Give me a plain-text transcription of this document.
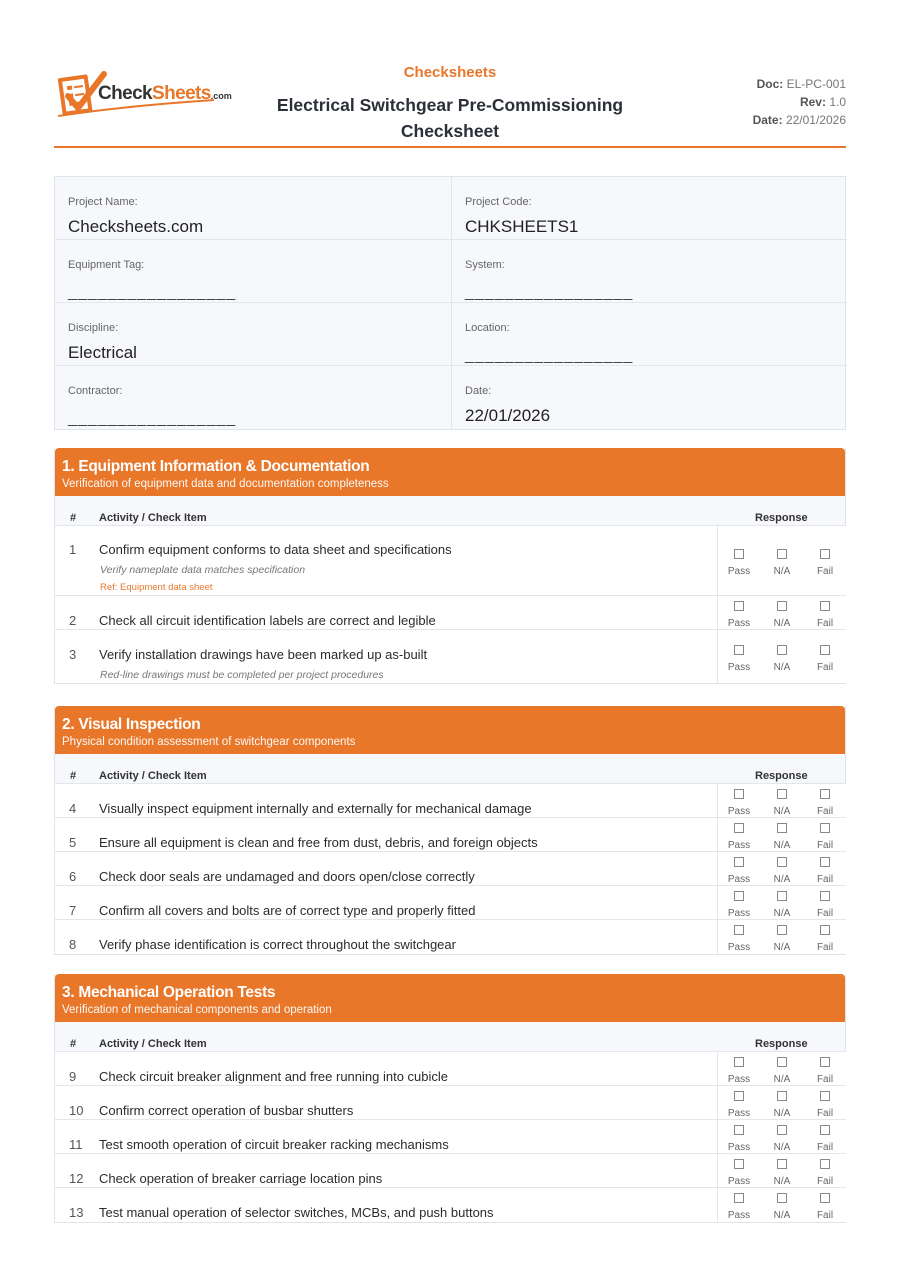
CheckSheets.com
Checksheets
Electrical Switchgear Pre-Commissioning Checksheet
Doc: EL-PC-001
Rev: 1.0
Date: 22/01/2026
Project Name:
Checksheets.com
Project Code:
CHKSHEETS1
Equipment Tag:
_________________
System:
_________________
Discipline:
Electrical
Location:
_________________
Contractor:
_________________
Date:
22/01/2026
1. Equipment Information & Documentation
Verification of equipment data and documentation completeness
# Activity / Check Item	Response
1 Confirm equipment conforms to data sheet and specifications
Verify nameplate data matches specification
Ref: Equipment data sheet
Pass	N/A	Fail
2 Check all circuit identification labels are correct and legible	Pass	N/A	Fail
3 Verify installation drawings have been marked up as-built
Red-line drawings must be completed per project procedures
Pass	N/A	Fail
2. Visual Inspection
Physical condition assessment of switchgear components
# Activity / Check Item	Response
4 Visually inspect equipment internally and externally for mechanical damage	Pass	N/A	Fail
5 Ensure all equipment is clean and free from dust, debris, and foreign objects	Pass	N/A	Fail
6 Check door seals are undamaged and doors open/close correctly	Pass	N/A	Fail
7 Confirm all covers and bolts are of correct type and properly fitted	Pass	N/A	Fail
8 Verify phase identification is correct throughout the switchgear	Pass	N/A	Fail
3. Mechanical Operation Tests
Verification of mechanical components and operation
# Activity / Check Item	Response
9 Check circuit breaker alignment and free running into cubicle	Pass	N/A	Fail
10 Confirm correct operation of busbar shutters	Pass	N/A	Fail
11 Test smooth operation of circuit breaker racking mechanisms	Pass	N/A	Fail
12 Check operation of breaker carriage location pins	Pass	N/A	Fail
13 Test manual operation of selector switches, MCBs, and push buttons	Pass	N/A	Fail
